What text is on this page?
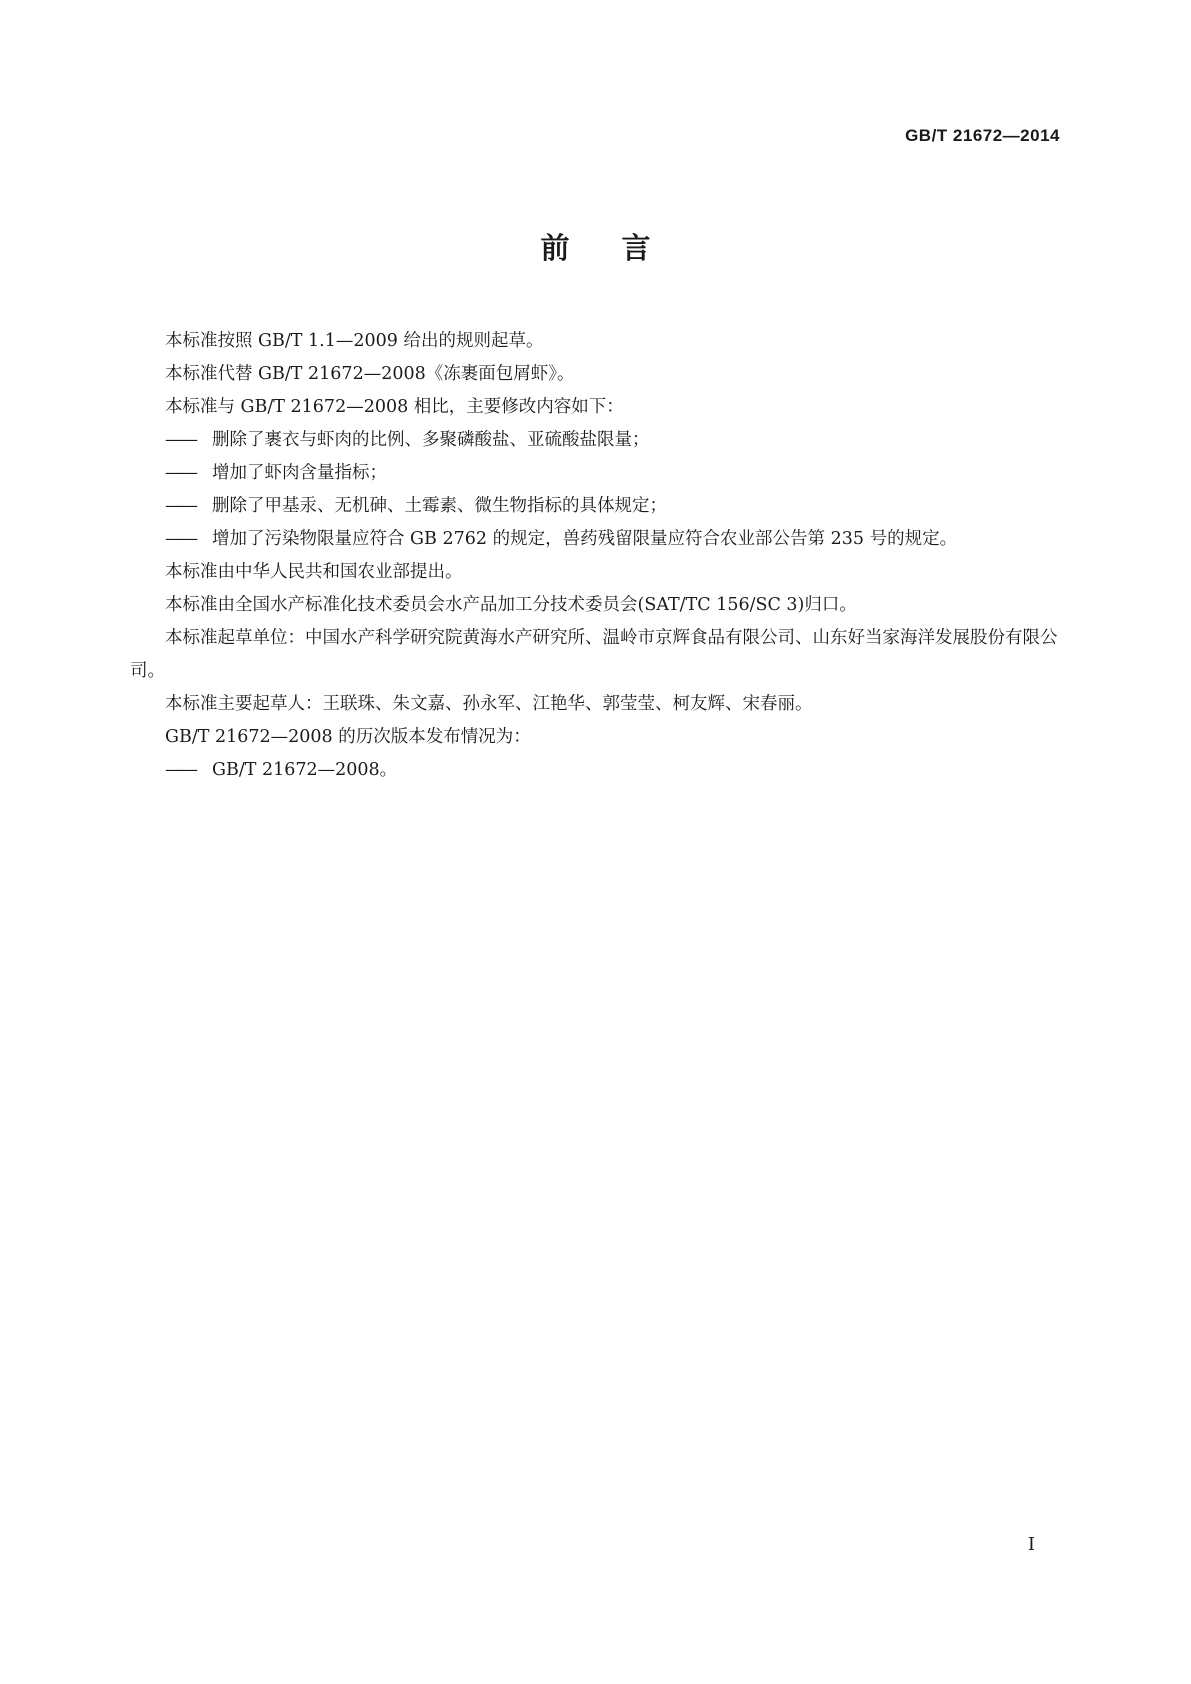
GB/T 21672—2014
前言

本标准按照 GB/T 1.1—2009 给出的规则起草。

本标准代替 GB/T 21672—2008《冻裹面包屑虾》。

本标准与 GB/T 21672—2008 相比，主要修改内容如下：

—— 删除了裹衣与虾肉的比例、多聚磷酸盐、亚硫酸盐限量；

—— 增加了虾肉含量指标；

—— 删除了甲基汞、无机砷、土霉素、微生物指标的具体规定；

—— 增加了污染物限量应符合 GB 2762 的规定，兽药残留限量应符合农业部公告第 235 号的规定。

本标准由中华人民共和国农业部提出。

本标准由全国水产标准化技术委员会水产品加工分技术委员会(SAT/TC 156/SC 3)归口。

本标准起草单位：中国水产科学研究院黄海水产研究所、温岭市京辉食品有限公司、山东好当家海洋发展股份有限公司。

本标准主要起草人：王联珠、朱文嘉、孙永军、江艳华、郭莹莹、柯友辉、宋春丽。

GB/T 21672—2008 的历次版本发布情况为：

—— GB/T 21672—2008。

I
